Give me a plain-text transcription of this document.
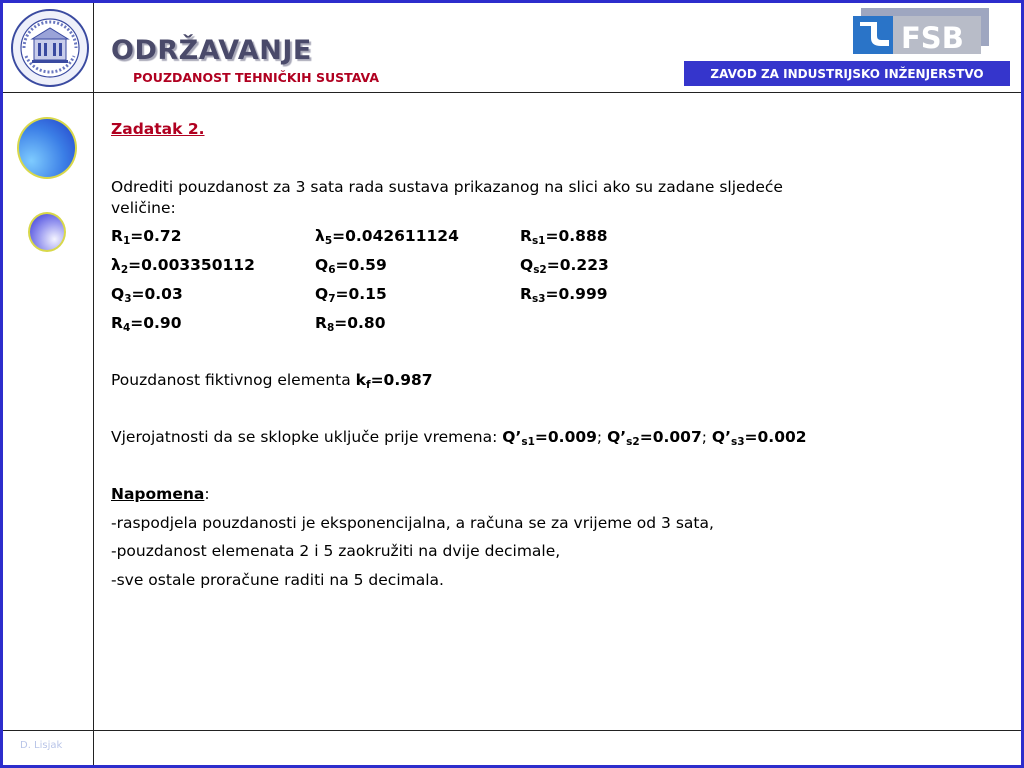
ODRŽAVANJE
POUZDANOST TEHNIČKIH SUSTAVA
FSB
ZAVOD ZA INDUSTRIJSKO INŽENJERSTVO
D. Lisjak
Zadatak 2.
Odrediti pouzdanost za 3 sata rada sustava prikazanog na slici ako su zadane sljedeće
veličine:
$R_1=0.72$	$\lambda_5=0.042611124$	$R_{s1}=0.888$
$\lambda_2=0.003350112$	$Q_6=0.59$	$Q_{s2}=0.223$
$Q_3=0.03$	$Q_7=0.15$	$R_{s3}=0.999$
$R_4=0.90$	$R_8=0.80$
Pouzdanost fiktivnog elementa $k_f=0.987$
Vjerojatnosti da se sklopke uključe prije vremena: $Q’_{s1}=0.009$; $Q’_{s2}=0.007$; $Q’_{s3}=0.002$
Napomena:
-raspodjela pouzdanosti je eksponencijalna, a računa se za vrijeme od 3 sata,
-pouzdanost elemenata 2 i 5 zaokružiti na dvije decimale,
-sve ostale proračune raditi na 5 decimala.
